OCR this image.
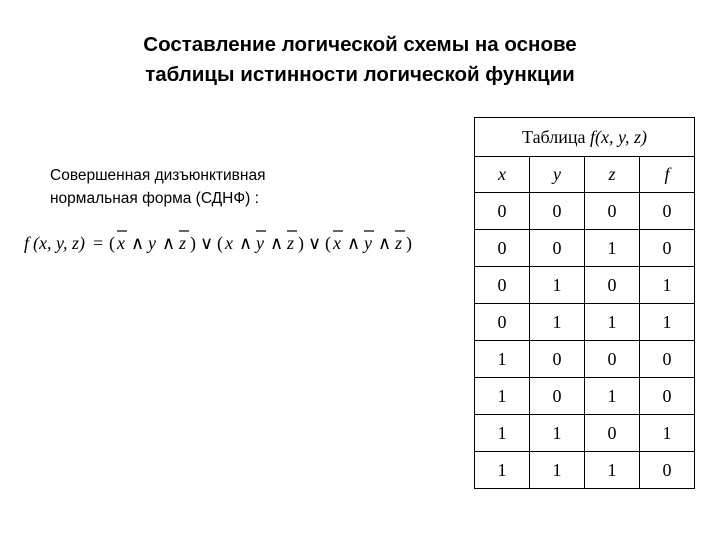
Составление логической схемы на основе
таблицы истинности логической функции
Совершенная дизъюнктивная
нормальная форма (СДНФ) :
f (x, y, z) = ( x ∧ y ∧ z ) ∨ ( x ∧ y ∧ z ) ∨ ( x ∧ y ∧ z )
Таблица f(x, y, z)			
x	y	z	f
0	0	0	0
0	0	1	0
0	1	0	1
0	1	1	1
1	0	0	0
1	0	1	0
1	1	0	1
1	1	1	0
